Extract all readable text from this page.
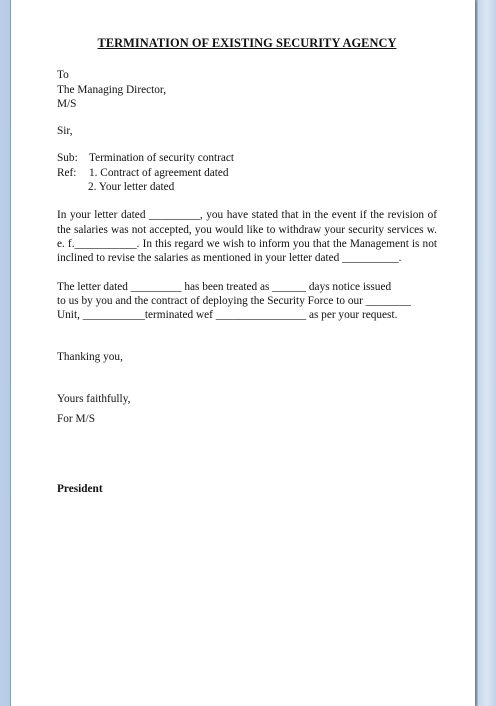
TERMINATION OF EXISTING SECURITY AGENCY

To

The Managing Director,

M/S

Sir,

Sub: Termination of security contract
Ref:	1. Contract of agreement dated

2. Your letter dated

In your letter dated _________, you have stated that in the event if the revision of the salaries was not accepted, you would like to withdraw your security services w. e. f.___________. In this regard we wish to inform you that the Management is not inclined to revise the salaries as mentioned in your letter dated __________.

The letter dated _________ has been treated as ______ days notice issued

to us by you and the contract of deploying the Security Force to our ________

Unit, ___________terminated wef ________________ as per your request.

Thanking you,

Yours faithfully,

For M/S

President
